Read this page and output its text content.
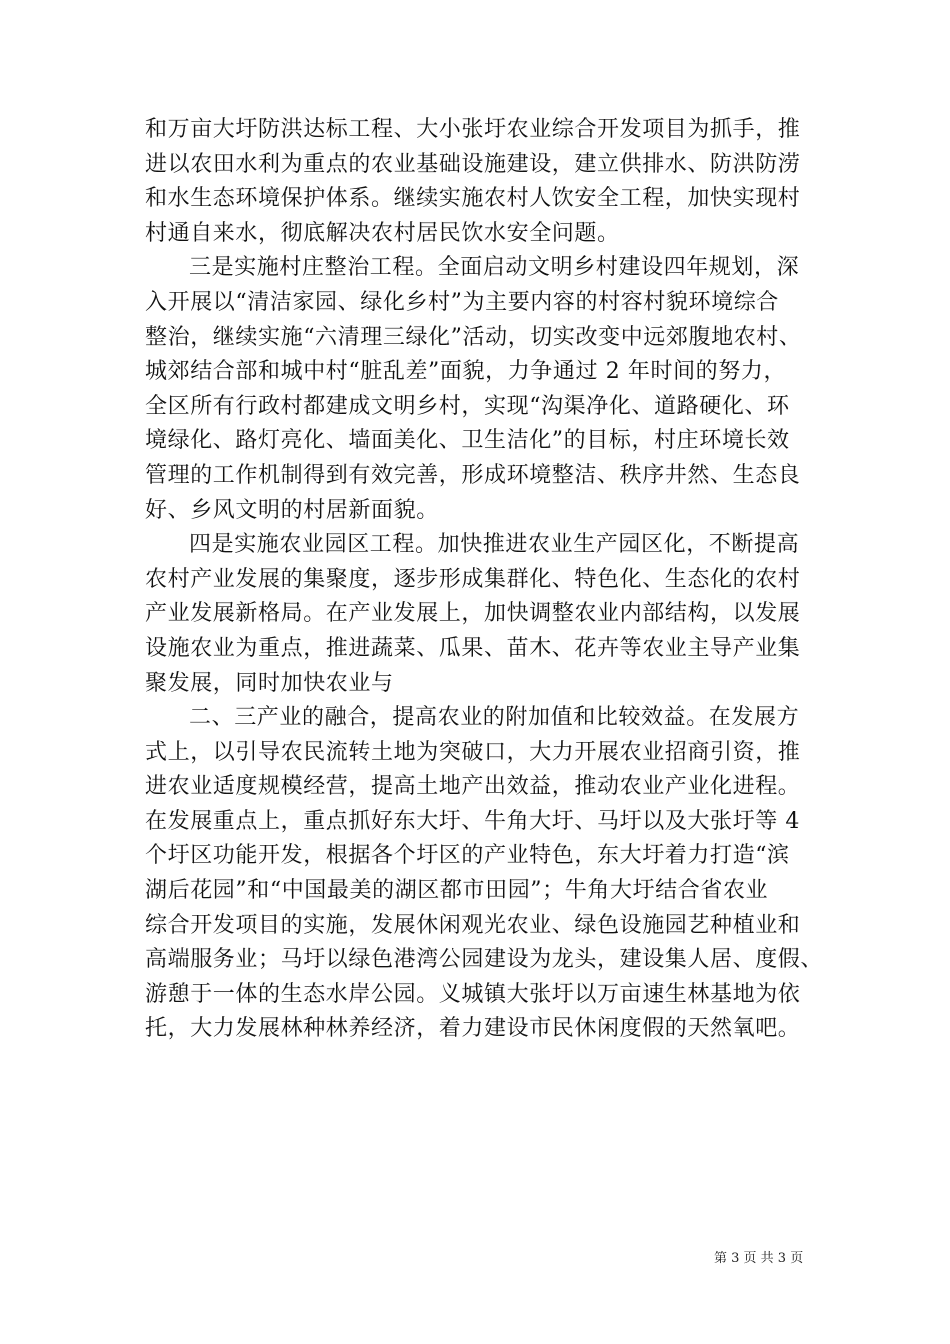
和万亩大圩防洪达标工程、大小张圩农业综合开发项目为抓手，推
进以农田水利为重点的农业基础设施建设，建立供排水、防洪防涝
和水生态环境保护体系。继续实施农村人饮安全工程，加快实现村
村通自来水，彻底解决农村居民饮水安全问题。
三是实施村庄整治工程。全面启动文明乡村建设四年规划，深
入开展以“清洁家园、绿化乡村”为主要内容的村容村貌环境综合
整治，继续实施“六清理三绿化”活动，切实改变中远郊腹地农村、
城郊结合部和城中村“脏乱差”面貌，力争通过 2 年时间的努力，
全区所有行政村都建成文明乡村，实现“沟渠净化、道路硬化、环
境绿化、路灯亮化、墙面美化、卫生洁化”的目标，村庄环境长效
管理的工作机制得到有效完善，形成环境整洁、秩序井然、生态良
好、乡风文明的村居新面貌。
四是实施农业园区工程。加快推进农业生产园区化，不断提高
农村产业发展的集聚度，逐步形成集群化、特色化、生态化的农村
产业发展新格局。在产业发展上，加快调整农业内部结构，以发展
设施农业为重点，推进蔬菜、瓜果、苗木、花卉等农业主导产业集
聚发展，同时加快农业与
二、三产业的融合，提高农业的附加值和比较效益。在发展方
式上，以引导农民流转土地为突破口，大力开展农业招商引资，推
进农业适度规模经营，提高土地产出效益，推动农业产业化进程。
在发展重点上，重点抓好东大圩、牛角大圩、马圩以及大张圩等 4
个圩区功能开发，根据各个圩区的产业特色，东大圩着力打造“滨
湖后花园”和“中国最美的湖区都市田园”；牛角大圩结合省农业
综合开发项目的实施，发展休闲观光农业、绿色设施园艺种植业和
高端服务业；马圩以绿色港湾公园建设为龙头，建设集人居、度假、
游憩于一体的生态水岸公园。义城镇大张圩以万亩速生林基地为依
托，大力发展林种林养经济，着力建设市民休闲度假的天然氧吧。
第 3 页 共 3 页
